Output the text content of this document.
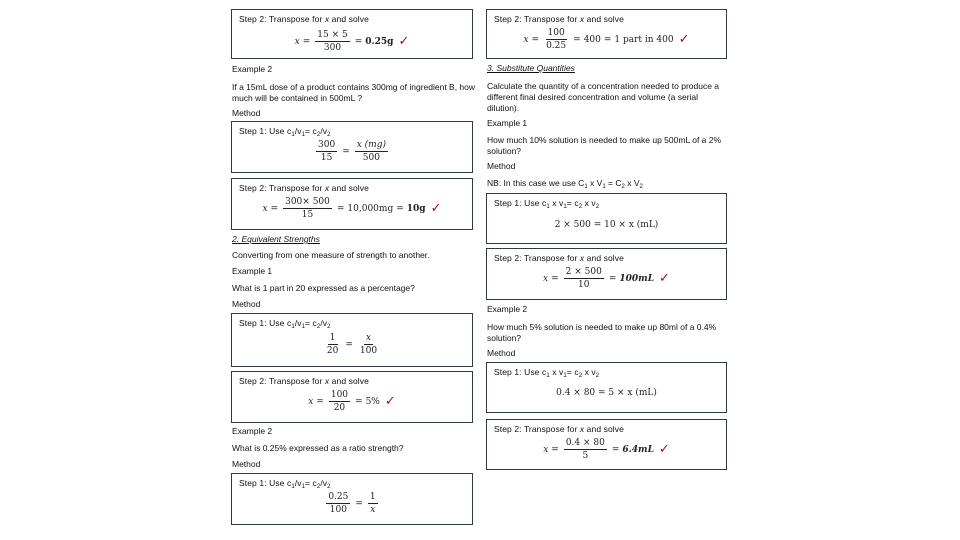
Step 2: Transpose for x and solve
$x = \frac{15 \times 5}{300} = 0.25g$ ✓
Example 2
If a 15mL dose of a product contains 300mg of ingredient B, how much will be contained in 500mL ?
Method
Step 1: Use $c_1/v_1= c_2/v_2$
$\frac{300}{15} = \frac{x (mg)}{500}$
Step 2: Transpose for x and solve
$x = \frac{300\times 500}{15} = 10,000mg = 10g$ ✓
2. Equivalent Strengths
Converting from one measure of strength to another.
Example 1
What is 1 part in 20 expressed as a percentage?
Method
Step 1: Use $c_1/v_1= c_2/v_2$
$\frac{1}{20} = \frac{x}{100}$
Step 2: Transpose for x and solve
$x = \frac{100}{20} = 5\%$ ✓
Example 2
What is 0.25% expressed as a ratio strength?
Method
Step 1: Use $c_1/v_1= c_2/v_2$
$\frac{0.25}{100} = \frac{1}{x}$
Step 2: Transpose for x and solve
$x = \frac{100}{0.25} = 400 = 1$ part in 400 ✓
3. Substitute Quantities
Calculate the quantity of a concentration needed to produce a different final desired concentration and volume (a serial dilution).
Example 1
How much 10% solution is needed to make up 500mL of a 2% solution?
Method
NB: In this case we use $C_1$ x $V_1 = C_2$ x $V_2$
Step 1: Use $c_1$ x $v_1= c_2$ x $v_2$
2 × 500 = 10 × x (mL)
Step 2: Transpose for x and solve
$x = \frac{2 \times 500}{10} = 100mL$ ✓
Example 2
How much 5% solution is needed to make up 80ml of a 0.4% solution?
Method
Step 1: Use $c_1$ x $v_1= c_2$ x $v_2$
0.4 × 80 = 5 × x (mL)
Step 2: Transpose for x and solve
$x = \frac{0.4 \times 80}{5} = 6.4mL$ ✓
